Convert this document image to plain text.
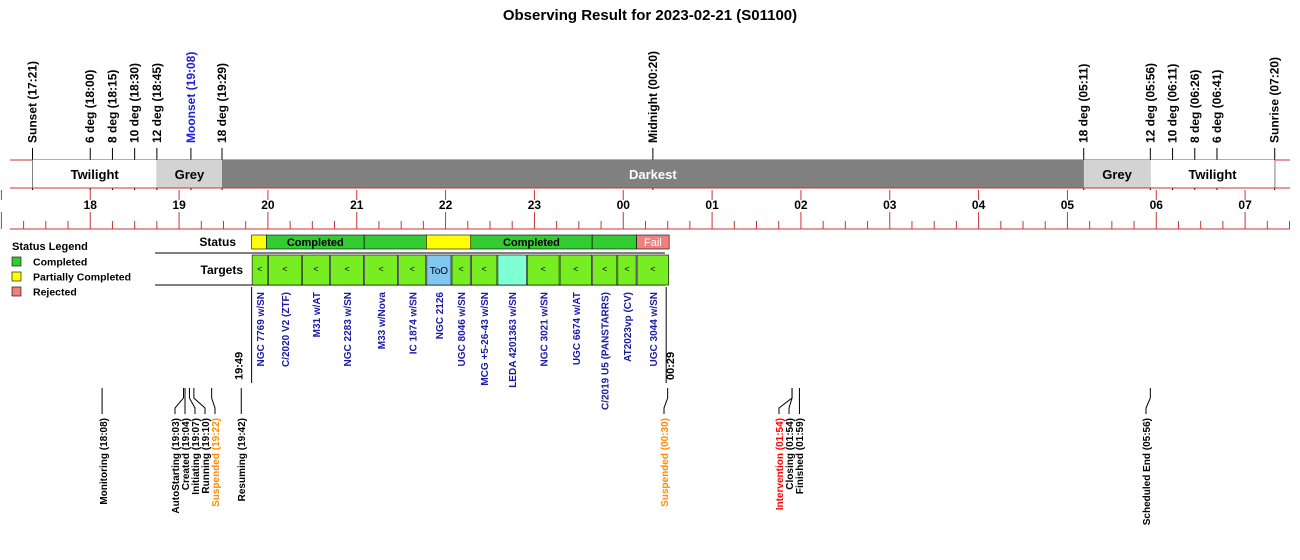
Observing Result for 2023-02-21 (S01100)
Sunset (17:21)	6 deg (18:00) 8 deg (18:15) 10 deg (18:30) 12 deg (18:45) Moonset (19:08) 18 deg (19:29)	Midnight (00:20)	18 deg (05:11)	12 deg (05:56) 10 deg (06:11) 8 deg (06:26) 6 deg (06:41)	Sunrise (07:20)
Twilight	Grey	Darkest	Grey	Twilight
18	19	20	21	22	23	00	01	02	03	04	05	06	07
Status Legend
Completed
Partially Completed
Rejected
Status
Targets
Completed	Completed	Fail
< <	<	<	<	< ToO < <	<	<	< < <
19:49	00:29
NGC 7769 w/SN C/2020 V2 (ZTF) M31 w/AT NGC 2283 w/SN M33 w/Nova IC 1874 w/SN NGC 2126 UGC 8046 w/SN MCG +5-26-43 w/SN LEDA 4201363 w/SN NGC 3021 w/SN UGC 6674 w/AT C/2019 U5 (PANSTARRS) AT2023vp (CV) UGC 3044 w/SN
Monitoring (18:08)	AutoStarting (19:03) Created (19:04) Initiating (19:07) Running (19:10) Suspended (19:22) Resuming (19:42)	Suspended (00:30)	Intervention (01:54) Closing (01:54) Finished (01:59)	Scheduled End (05:56)
